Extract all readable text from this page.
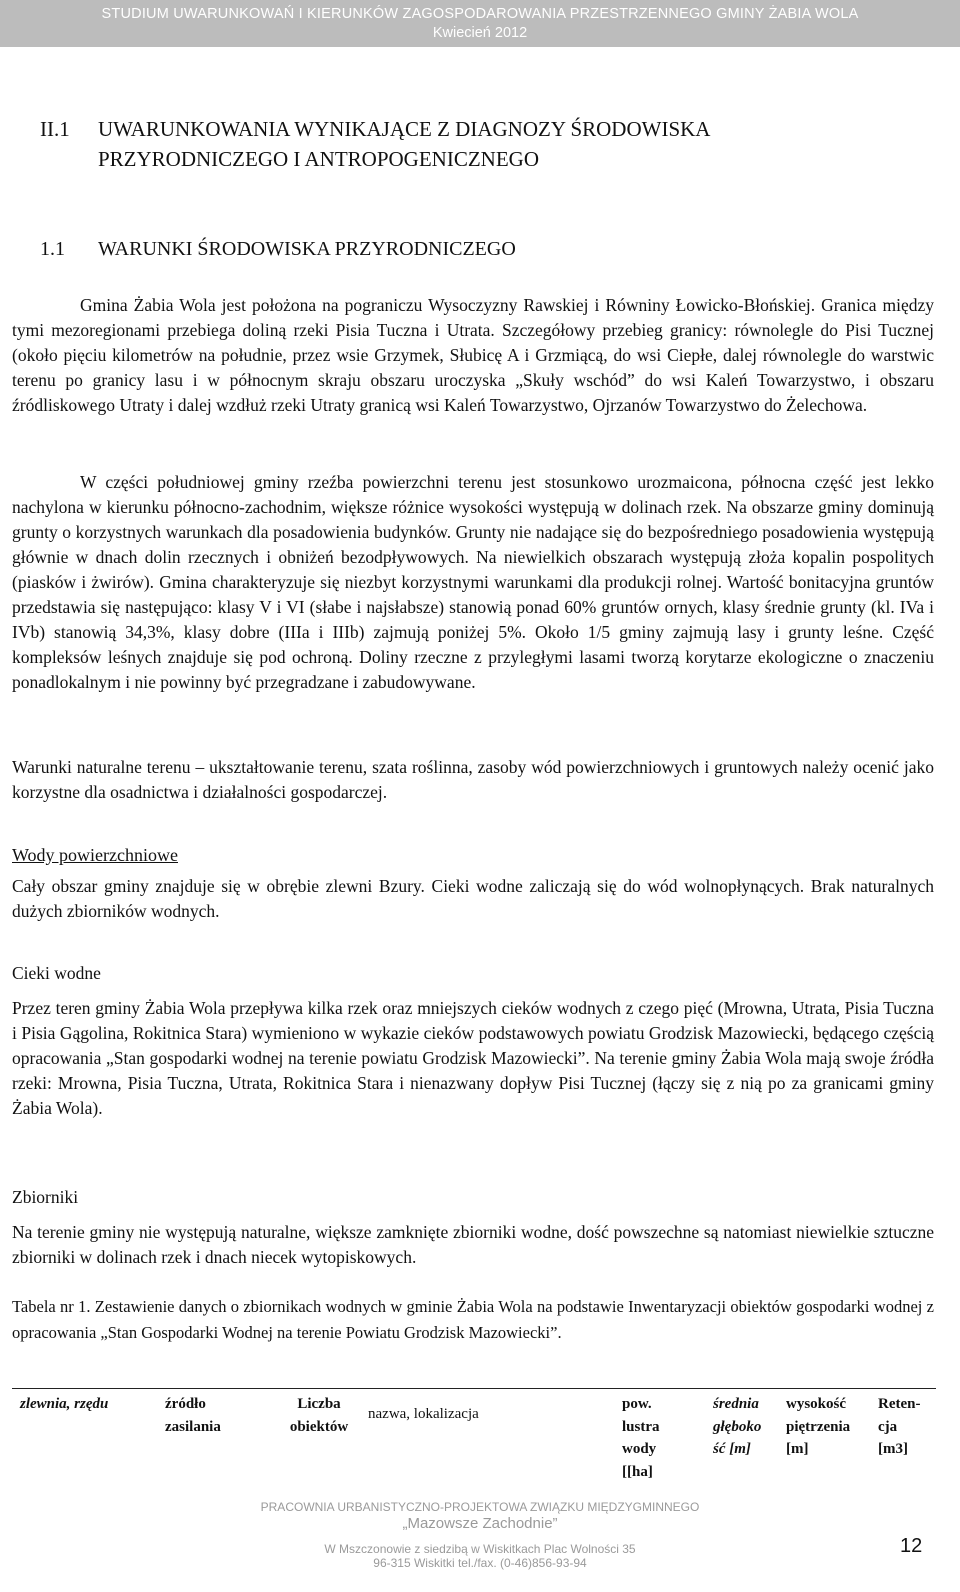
STUDIUM UWARUNKOWAŃ I KIERUNKÓW ZAGOSPODAROWANIA PRZESTRZENNEGO GMINY ŻABIA WOLA
Kwiecień 2012
II.1 UWARUNKOWANIA WYNIKAJĄCE Z DIAGNOZY ŚRODOWISKA
PRZYRODNICZEGO I ANTROPOGENICZNEGO
1.1 WARUNKI ŚRODOWISKA PRZYRODNICZEGO
Gmina Żabia Wola jest położona na pograniczu Wysoczyzny Rawskiej i Równiny Łowicko-Błońskiej. Granica między tymi mezoregionami przebiega doliną rzeki Pisia Tuczna i Utrata. Szczegółowy przebieg granicy: równolegle do Pisi Tucznej (około pięciu kilometrów na południe, przez wsie Grzymek, Słubicę A i Grzmiącą, do wsi Ciepłe, dalej równolegle do warstwic terenu po granicy lasu i w północnym skraju obszaru uroczyska „Skuły wschód” do wsi Kaleń Towarzystwo, i obszaru źródliskowego Utraty i dalej wzdłuż rzeki Utraty granicą wsi Kaleń Towarzystwo, Ojrzanów Towarzystwo do Żelechowa.
W części południowej gminy rzeźba powierzchni terenu jest stosunkowo urozmaicona, północna część jest lekko nachylona w kierunku północno-zachodnim, większe różnice wysokości występują w dolinach rzek. Na obszarze gminy dominują grunty o korzystnych warunkach dla posadowienia budynków. Grunty nie nadające się do bezpośredniego posadowienia występują głównie w dnach dolin rzecznych i obniżeń bezodpływowych. Na niewielkich obszarach występują złoża kopalin pospolitych (piasków i żwirów). Gmina charakteryzuje się niezbyt korzystnymi warunkami dla produkcji rolnej. Wartość bonitacyjna gruntów przedstawia się następująco: klasy V i VI (słabe i najsłabsze) stanowią ponad 60% gruntów ornych, klasy średnie grunty (kl. IVa i IVb) stanowią 34,3%, klasy dobre (IIIa i IIIb) zajmują poniżej 5%. Około 1/5 gminy zajmują lasy i grunty leśne. Część kompleksów leśnych znajduje się pod ochroną. Doliny rzeczne z przyległymi lasami tworzą korytarze ekologiczne o znaczeniu ponadlokalnym i nie powinny być przegradzane i zabudowywane.
Warunki naturalne terenu – ukształtowanie terenu, szata roślinna, zasoby wód powierzchniowych i gruntowych należy ocenić jako korzystne dla osadnictwa i działalności gospodarczej.
Wody powierzchniowe
Cały obszar gminy znajduje się w obrębie zlewni Bzury. Cieki wodne zaliczają się do wód wolnopłynących. Brak naturalnych dużych zbiorników wodnych.
Cieki wodne
Przez teren gminy Żabia Wola przepływa kilka rzek oraz mniejszych cieków wodnych z czego pięć (Mrowna, Utrata, Pisia Tuczna i Pisia Gągolina, Rokitnica Stara) wymieniono w wykazie cieków podstawowych powiatu Grodzisk Mazowiecki, będącego częścią opracowania „Stan gospodarki wodnej na terenie powiatu Grodzisk Mazowiecki”. Na terenie gminy Żabia Wola mają swoje źródła rzeki: Mrowna, Pisia Tuczna, Utrata, Rokitnica Stara i nienazwany dopływ Pisi Tucznej (łączy się z nią po za granicami gminy Żabia Wola).
Zbiorniki
Na terenie gminy nie występują naturalne, większe zamknięte zbiorniki wodne, dość powszechne są natomiast niewielkie sztuczne zbiorniki w dolinach rzek i dnach niecek wytopiskowych.
Tabela nr 1. Zestawienie danych o zbiornikach wodnych w gminie Żabia Wola na podstawie Inwentaryzacji obiektów gospodarki wodnej z opracowania „Stan Gospodarki Wodnej na terenie Powiatu Grodzisk Mazowiecki”.
zlewnia, rzędu	źródło
zasilania
Liczba
obiektów
nazwa, lokalizacja
pow.
lustra
wody
[[ha]
średnia
głęboko
ść [m]
wysokość
piętrzenia
[m]
Reten-
cja
[m3]
PRACOWNIA URBANISTYCZNO-PROJEKTOWA ZWIĄZKU MIĘDZYGMINNEGO
„Mazowsze Zachodnie”
W Mszczonowie z siedzibą w Wiskitkach Plac Wolności 35
96-315 Wiskitki tel./fax. (0-46)856-93-94
12
